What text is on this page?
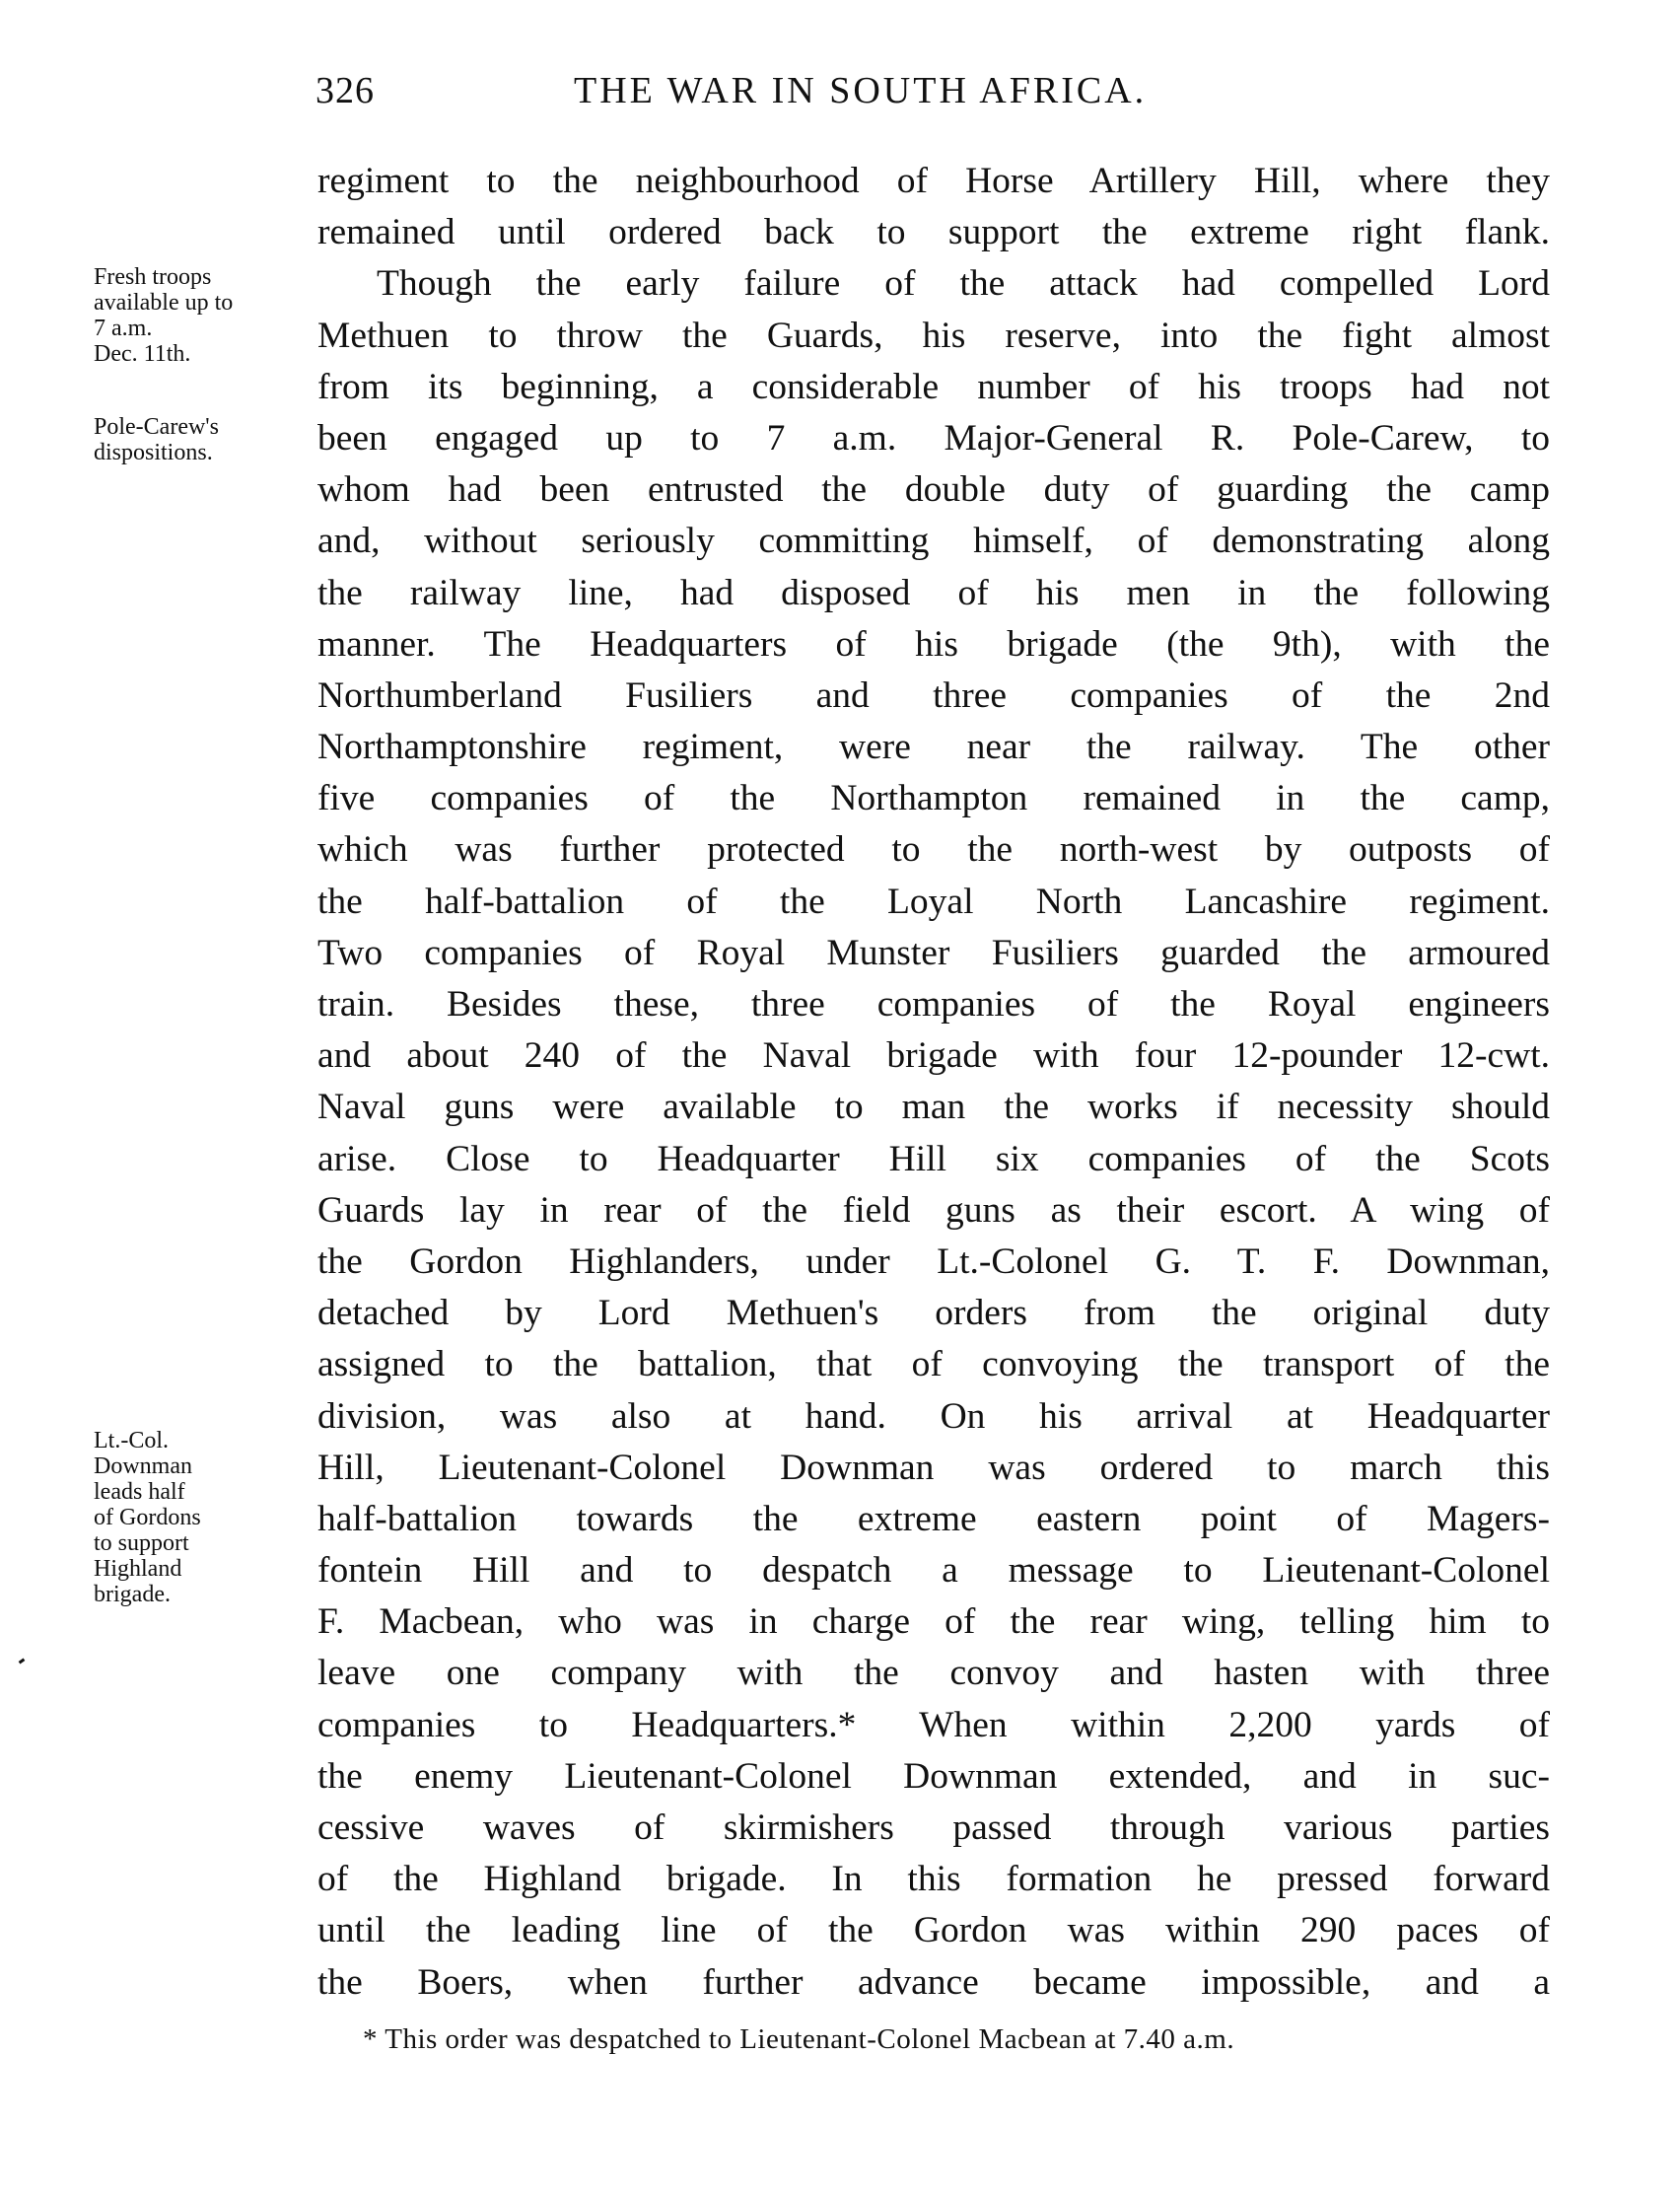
326	THE WAR IN SOUTH AFRICA.
Fresh troops
available up to
7 a.m.
Dec. 11th.
Pole-Carew's
dispositions.
Lt.-Col.
Downman
leads half
of Gordons
to support
Highland
brigade.
regiment to the neighbourhood of Horse Artillery Hill, where they
remained until ordered back to support the extreme right flank.
Though the early failure of the attack had compelled Lord
Methuen to throw the Guards, his reserve, into the fight almost
from its beginning, a considerable number of his troops had not
been engaged up to 7 a.m. Major-General R. Pole-Carew, to
whom had been entrusted the double duty of guarding the camp
and, without seriously committing himself, of demonstrating along
the railway line, had disposed of his men in the following
manner. The Headquarters of his brigade (the 9th), with the
Northumberland Fusiliers and three companies of the 2nd
Northamptonshire regiment, were near the railway. The other
five companies of the Northampton remained in the camp,
which was further protected to the north-west by outposts of
the half-battalion of the Loyal North Lancashire regiment.
Two companies of Royal Munster Fusiliers guarded the armoured
train. Besides these, three companies of the Royal engineers
and about 240 of the Naval brigade with four 12-pounder 12-cwt.
Naval guns were available to man the works if necessity should
arise. Close to Headquarter Hill six companies of the Scots
Guards lay in rear of the field guns as their escort. A wing of
the Gordon Highlanders, under Lt.-Colonel G. T. F. Downman,
detached by Lord Methuen's orders from the original duty
assigned to the battalion, that of convoying the transport of the
division, was also at hand. On his arrival at Headquarter
Hill, Lieutenant-Colonel Downman was ordered to march this
half-battalion towards the extreme eastern point of Magers-
fontein Hill and to despatch a message to Lieutenant-Colonel
F. Macbean, who was in charge of the rear wing, telling him to
leave one company with the convoy and hasten with three
companies to Headquarters.* When within 2,200 yards of
the enemy Lieutenant-Colonel Downman extended, and in suc-
cessive waves of skirmishers passed through various parties
of the Highland brigade. In this formation he pressed forward
until the leading line of the Gordon was within 290 paces of
the Boers, when further advance became impossible, and a
* This order was despatched to Lieutenant-Colonel Macbean at 7.40 a.m.
